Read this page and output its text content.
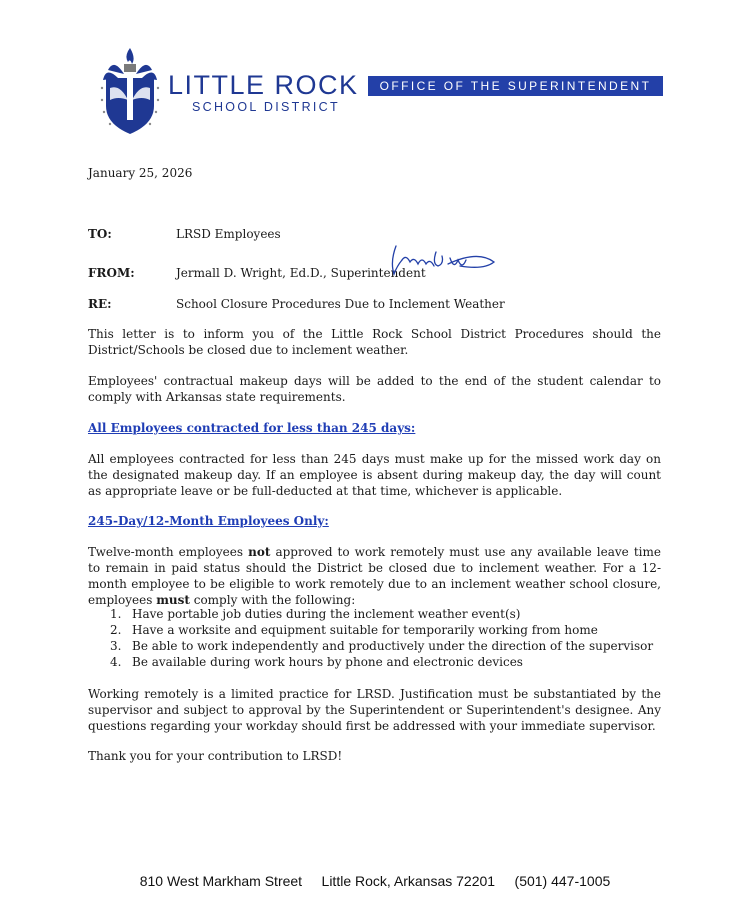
LITTLE ROCK
SCHOOL DISTRICT
OFFICE OF THE SUPERINTENDENT
January 25, 2026
TO:	LRSD Employees
FROM:	Jermall D. Wright, Ed.D., Superintendent
RE:	School Closure Procedures Due to Inclement Weather
This letter is to inform you of the Little Rock School District Procedures should the District/Schools be closed due to inclement weather.
Employees' contractual makeup days will be added to the end of the student calendar to comply with Arkansas state requirements.
All Employees contracted for less than 245 days:
All employees contracted for less than 245 days must make up for the missed work day on the designated makeup day. If an employee is absent during makeup day, the day will count as appropriate leave or be full-deducted at that time, whichever is applicable.
245-Day/12-Month Employees Only:
Twelve-month employees not approved to work remotely must use any available leave time to remain in paid status should the District be closed due to inclement weather. For a 12-month employee to be eligible to work remotely due to an inclement weather school closure, employees must comply with the following:
1. Have portable job duties during the inclement weather event(s)
2. Have a worksite and equipment suitable for temporarily working from home
3. Be able to work independently and productively under the direction of the supervisor
4. Be available during work hours by phone and electronic devices
Working remotely is a limited practice for LRSD. Justification must be substantiated by the supervisor and subject to approval by the Superintendent or Superintendent's designee. Any questions regarding your workday should first be addressed with your immediate supervisor.
Thank you for your contribution to LRSD!
810 West Markham Street Little Rock, Arkansas 72201 (501) 447-1005
